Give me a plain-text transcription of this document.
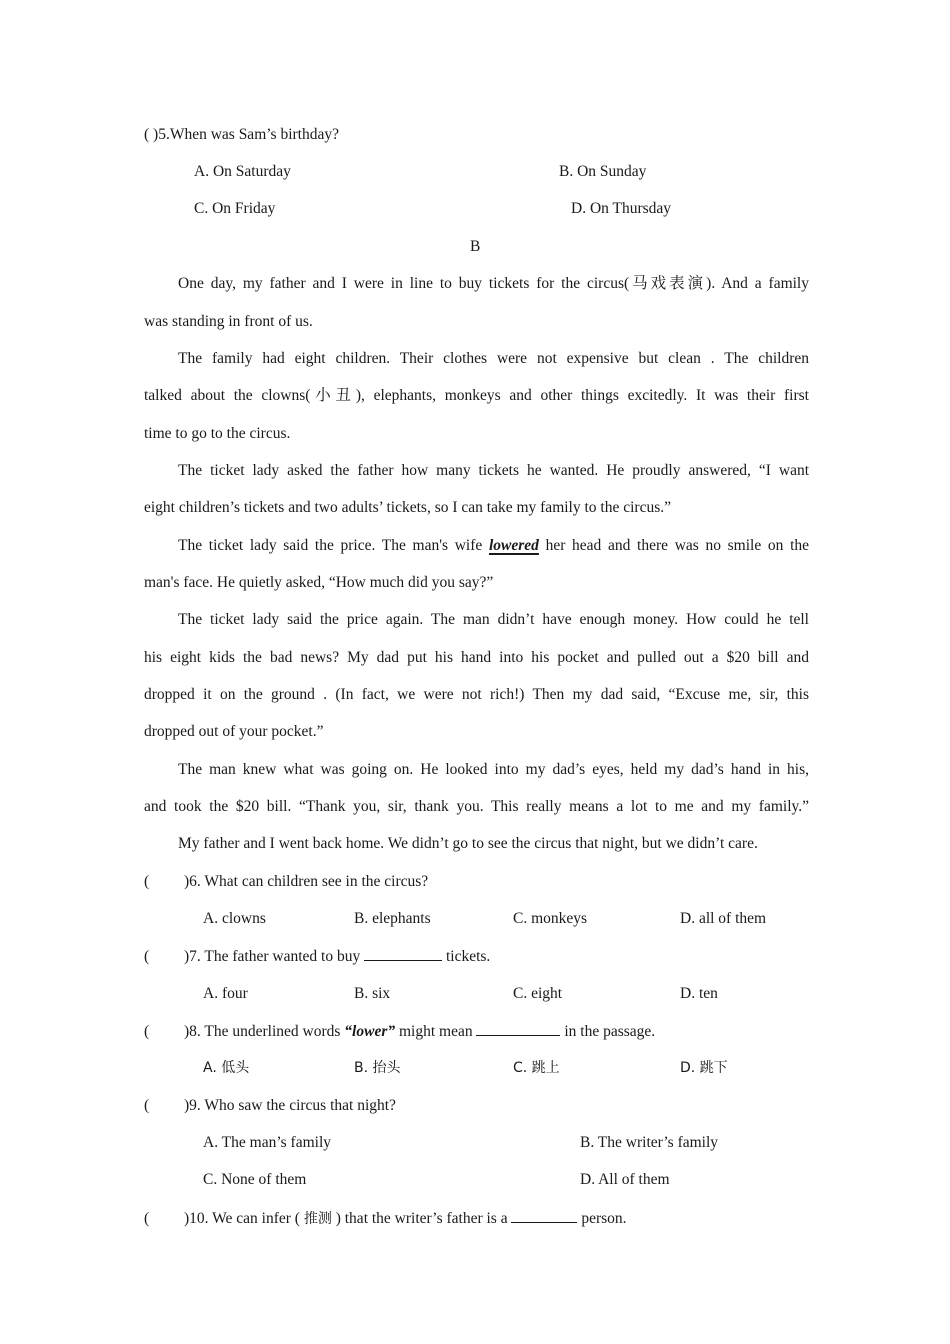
( )5.When was Sam’s birthday?
A. On Saturday	B. On Sunday
C. On Friday	D. On Thursday
B
One day, my father and I were in line to buy tickets for the circus(马戏表演). And a family
was standing in front of us.
The family had eight children. Their clothes were not expensive but clean . The children
talked about the clowns(小丑), elephants, monkeys and other things excitedly. It was their first
time to go to the circus.
The ticket lady asked the father how many tickets he wanted. He proudly answered, “I want
eight children’s tickets and two adults’ tickets, so I can take my family to the circus.”
The ticket lady said the price. The man's wife lowered her head and there was no smile on the
man's face. He quietly asked, “How much did you say?”
The ticket lady said the price again. The man didn’t have enough money. How could he tell
his eight kids the bad news? My dad put his hand into his pocket and pulled out a $20 bill and
dropped it on the ground . (In fact, we were not rich!) Then my dad said, “Excuse me, sir, this
dropped out of your pocket.”
The man knew what was going on. He looked into my dad’s eyes, held my dad’s hand in his,
and took the $20 bill. “Thank you, sir, thank you. This really means a lot to me and my family.”
My father and I went back home. We didn’t go to see the circus that night, but we didn’t care.
( )6. What can children see in the circus?
A. clowns	B. elephants	C. monkeys	D. all of them
( )7. The father wanted to buy	tickets.
A. four	B. six	C. eight	D. ten
( )8. The underlined words “lower” might mean	in the passage.
A. 低头	B. 抬头	C. 跳上	D. 跳下
( )9. Who saw the circus that night?
A. The man’s family	B. The writer’s family
C. None of them	D. All of them
( )10. We can infer ( 推测 ) that the writer’s father is a	person.
